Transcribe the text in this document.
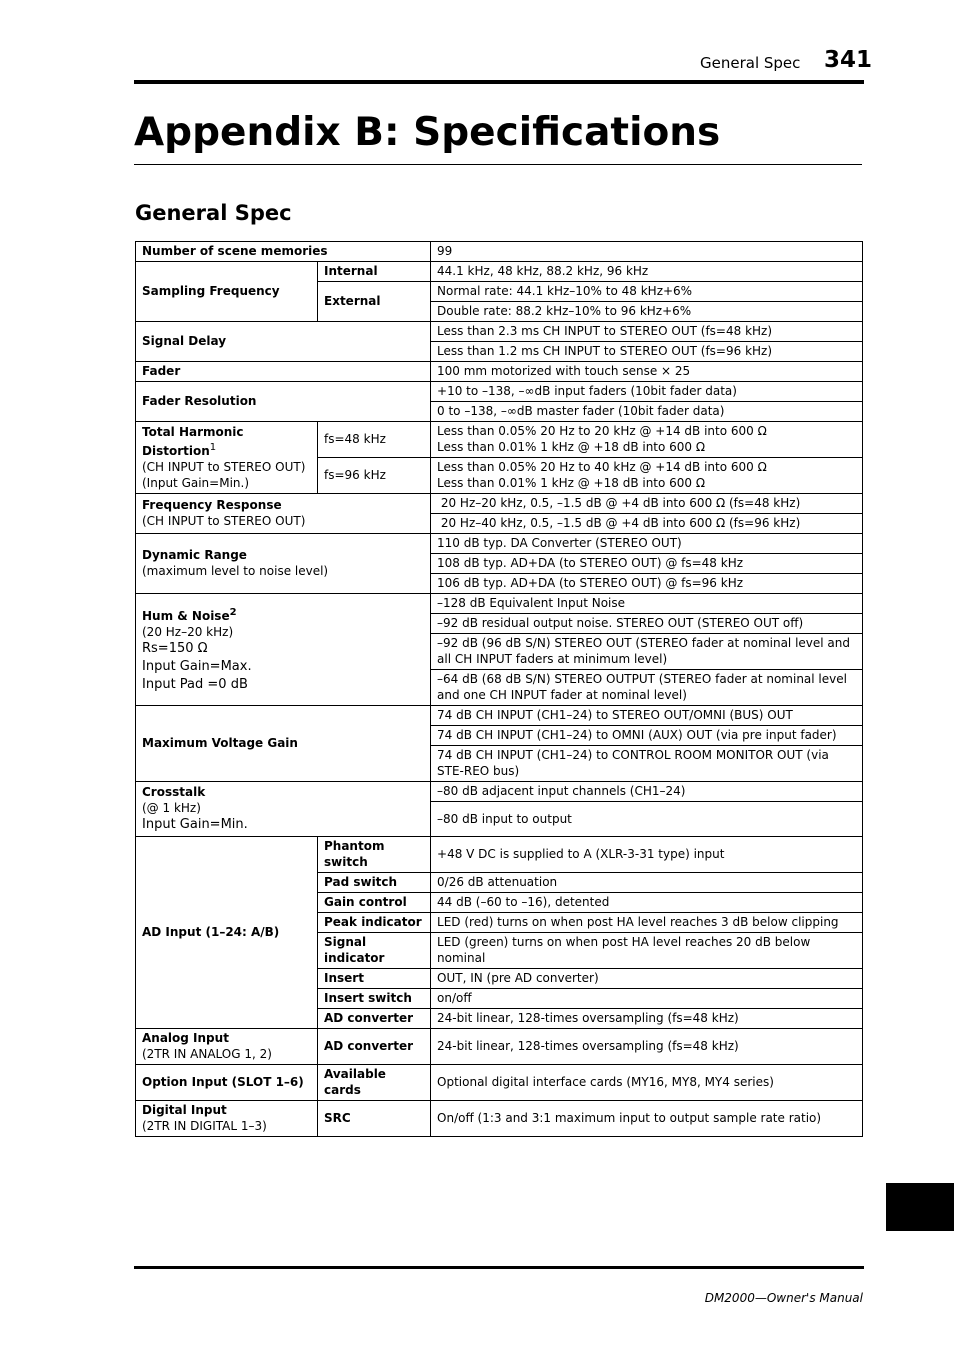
General Spec 341
Appendix B: Specifications
General Spec
Number of scene memories		99
Sampling Frequency	Internal	44.1 kHz, 48 kHz, 88.2 kHz, 96 kHz
	External	Normal rate: 44.1 kHz–10% to 48 kHz+6%
		Double rate: 88.2 kHz–10% to 96 kHz+6%
Signal Delay		Less than 2.3 ms CH INPUT to STEREO OUT (fs=48 kHz)
		Less than 1.2 ms CH INPUT to STEREO OUT (fs=96 kHz)
Fader		100 mm motorized with touch sense × 25
Fader Resolution		+10 to –138, –∞dB input faders (10bit fader data)
		0 to –138, –∞dB master fader (10bit fader data)
Total Harmonic Distortion$^1$
(CH INPUT to STEREO OUT)
(Input Gain=Min.)	fs=48 kHz	Less than 0.05% 20 Hz to 20 kHz @ +14 dB into 600 Ω
Less than 0.01% 1 kHz @ +18 dB into 600 Ω
	fs=96 kHz	Less than 0.05% 20 Hz to 40 kHz @ +14 dB into 600 Ω
Less than 0.01% 1 kHz @ +18 dB into 600 Ω
Frequency Response
(CH INPUT to STEREO OUT)		20 Hz–20 kHz, 0.5, –1.5 dB @ +4 dB into 600 Ω (fs=48 kHz)
		20 Hz–40 kHz, 0.5, –1.5 dB @ +4 dB into 600 Ω (fs=96 kHz)
Dynamic Range
(maximum level to noise level)		110 dB typ. DA Converter (STEREO OUT)
		108 dB typ. AD+DA (to STEREO OUT) @ fs=48 kHz
		106 dB typ. AD+DA (to STEREO OUT) @ fs=96 kHz
Hum & Noise$^2$
(20 Hz–20 kHz)
Rs=150 Ω
Input Gain=Max.
Input Pad =0 dB		–128 dB Equivalent Input Noise
		–92 dB residual output noise. STEREO OUT (STEREO OUT off)
		–92 dB (96 dB S/N) STEREO OUT (STEREO fader at nominal level and all CH INPUT faders at minimum level)
		–64 dB (68 dB S/N) STEREO OUTPUT (STEREO fader at nominal level and one CH INPUT fader at nominal level)
Maximum Voltage Gain		74 dB CH INPUT (CH1–24) to STEREO OUT/OMNI (BUS) OUT
		74 dB CH INPUT (CH1–24) to OMNI (AUX) OUT (via pre input fader)
		74 dB CH INPUT (CH1–24) to CONTROL ROOM MONITOR OUT (via STE-REO bus)
Crosstalk
(@ 1 kHz)
Input Gain=Min.		–80 dB adjacent input channels (CH1–24)
		–80 dB input to output
AD Input (1–24: A/B)	Phantom switch	+48 V DC is supplied to A (XLR-3-31 type) input
	Pad switch	0/26 dB attenuation
	Gain control	44 dB (–60 to –16), detented
	Peak indicator	LED (red) turns on when post HA level reaches 3 dB below clipping
	Signal indicator	LED (green) turns on when post HA level reaches 20 dB below nominal
	Insert	OUT, IN (pre AD converter)
	Insert switch	on/off
	AD converter	24-bit linear, 128-times oversampling (fs=48 kHz)
Analog Input
(2TR IN ANALOG 1, 2)	AD converter	24-bit linear, 128-times oversampling (fs=48 kHz)
Option Input (SLOT 1–6)	Available cards	Optional digital interface cards (MY16, MY8, MY4 series)
Digital Input
(2TR IN DIGITAL 1–3)	SRC	On/off (1:3 and 3:1 maximum input to output sample rate ratio)
DM2000—Owner's Manual
